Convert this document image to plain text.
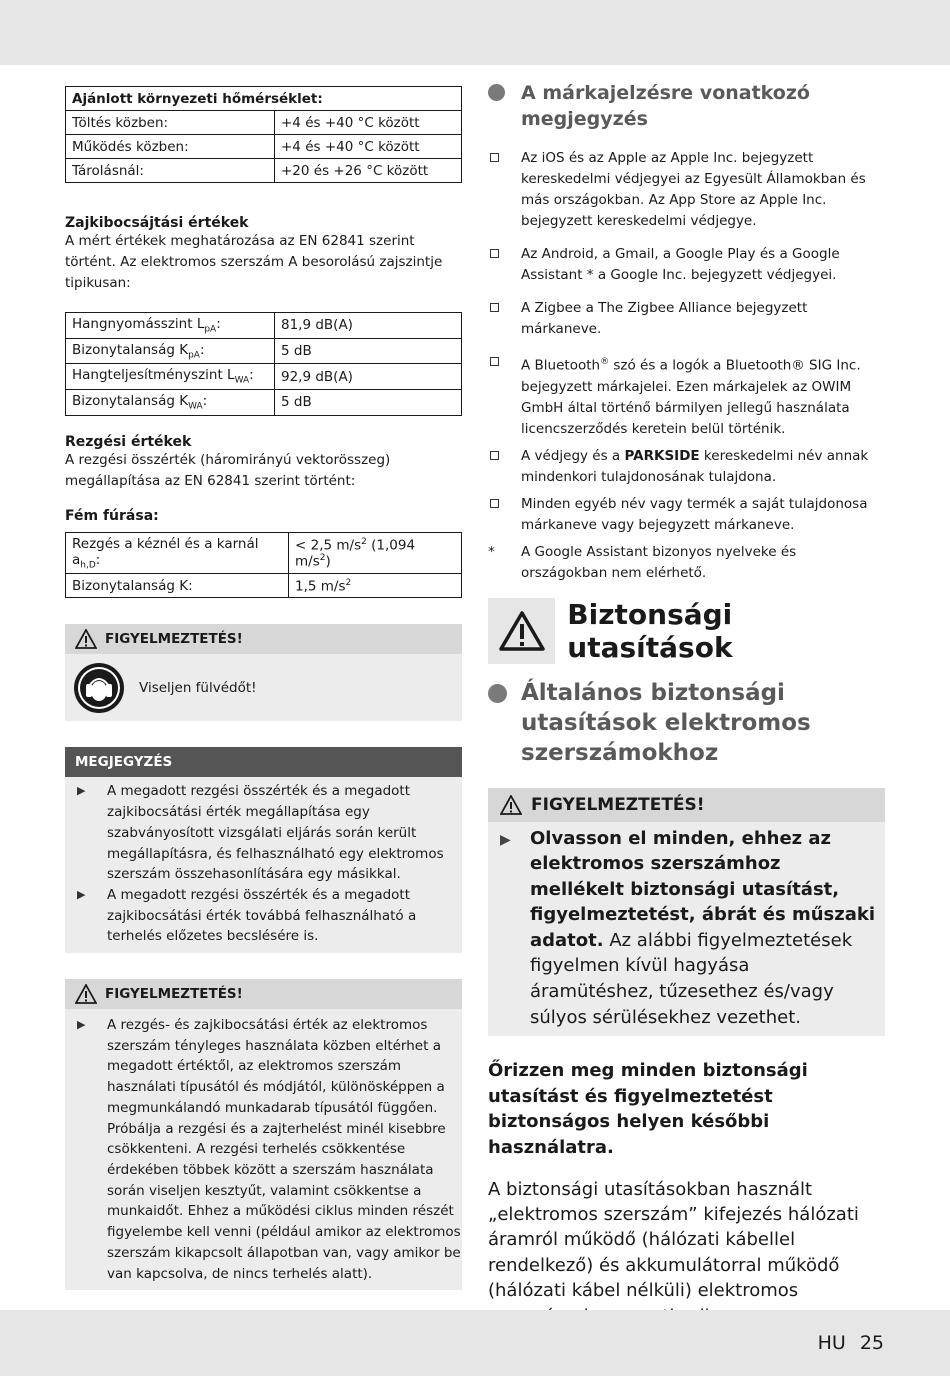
Ajánlott környezeti hőmérséklet:	
Töltés közben:	+4 és +40 °C között
Működés közben:	+4 és +40 °C között
Tárolásnál:	+20 és +26 °C között
Zajkibocsájtási értékek
A mért értékek meghatározása az EN 62841 szerint történt. Az elektromos szerszám A besorolású zajszintje tipikusan:
Hangnyomásszint $L_{pA}$:	81,9 dB(A)
Bizonytalanság $K_{pA}$:	5 dB
Hangteljesítményszint $L_{WA}$:	92,9 dB(A)
Bizonytalanság $K_{WA}$:	5 dB
Rezgési értékek
A rezgési összérték (háromirányú vektorösszeg) megállapítása az EN 62841 szerint történt:
Fém fúrása:
Rezgés a kéznél és a karnál $a_{h,D}$:	< 2,5 $m/s^2$ (1,094 $m/s^2$)
Bizonytalanság K:	1,5 $m/s^2$
FIGYELMEZTETÉS!
Viseljen fülvédőt!
MEGJEGYZÉS
▶ A megadott rezgési összérték és a megadott zajkibocsátási érték megállapítása egy szabványosított vizsgálati eljárás során került megállapításra, és felhasználható egy elektromos szerszám összehasonlítására egy másikkal.
▶ A megadott rezgési összérték és a megadott zajkibocsátási érték továbbá felhasználható a terhelés előzetes becslésére is.
FIGYELMEZTETÉS!
▶ A rezgés- és zajkibocsátási érték az elektromos szerszám tényleges használata közben eltérhet a megadott értéktől, az elektromos szerszám használati típusától és módjától, különösképpen a megmunkálandó munkadarab típusától függően.
Próbálja a rezgési és a zajterhelést minél kisebbre csökkenteni. A rezgési terhelés csökkentése érdekében többek között a szerszám használata során viseljen kesztyűt, valamint csökkentse a munkaidőt. Ehhez a működési ciklus minden részét figyelembe kell venni (például amikor az elektromos szerszám kikapcsolt állapotban van, vagy amikor be van kapcsolva, de nincs terhelés alatt).
A márkajelzésre vonatkozó megjegyzés
Az iOS és az Apple az Apple Inc. bejegyzett kereskedelmi védjegyei az Egyesült Államokban és más országokban. Az App Store az Apple Inc. bejegyzett kereskedelmi védjegye.
Az Android, a Gmail, a Google Play és a Google Assistant * a Google Inc. bejegyzett védjegyei.
A Zigbee a The Zigbee Alliance bejegyzett márkaneve.
A Bluetooth® szó és a logók a Bluetooth® SIG Inc. bejegyzett márkajelei. Ezen márkajelek az OWIM GmbH által történő bármilyen jellegű használata licencszerződés keretein belül történik.
A védjegy és a PARKSIDE kereskedelmi név annak mindenkori tulajdonosának tulajdona.
Minden egyéb név vagy termék a saját tulajdonosa márkaneve vagy bejegyzett márkaneve.
* A Google Assistant bizonyos nyelveke és országokban nem elérhető.
Biztonsági utasítások
Általános biztonsági utasítások elektromos szerszámokhoz
FIGYELMEZTETÉS!
▶ Olvasson el minden, ehhez az elektromos szerszámhoz mellékelt biztonsági utasítást, figyelmeztetést, ábrát és műszaki adatot. Az alábbi figyelmeztetések figyelmen kívül hagyása áramütéshez, tűzesethez és/vagy súlyos sérülésekhez vezethet.
Őrizzen meg minden biztonsági utasítást és figyelmeztetést biztonságos helyen későbbi használatra.
A biztonsági utasításokban használt „elektromos szerszám” kifejezés hálózati áramról működő (hálózati kábellel rendelkező) és akkumulátorral működő (hálózati kábel nélküli) elektromos
HU 25
